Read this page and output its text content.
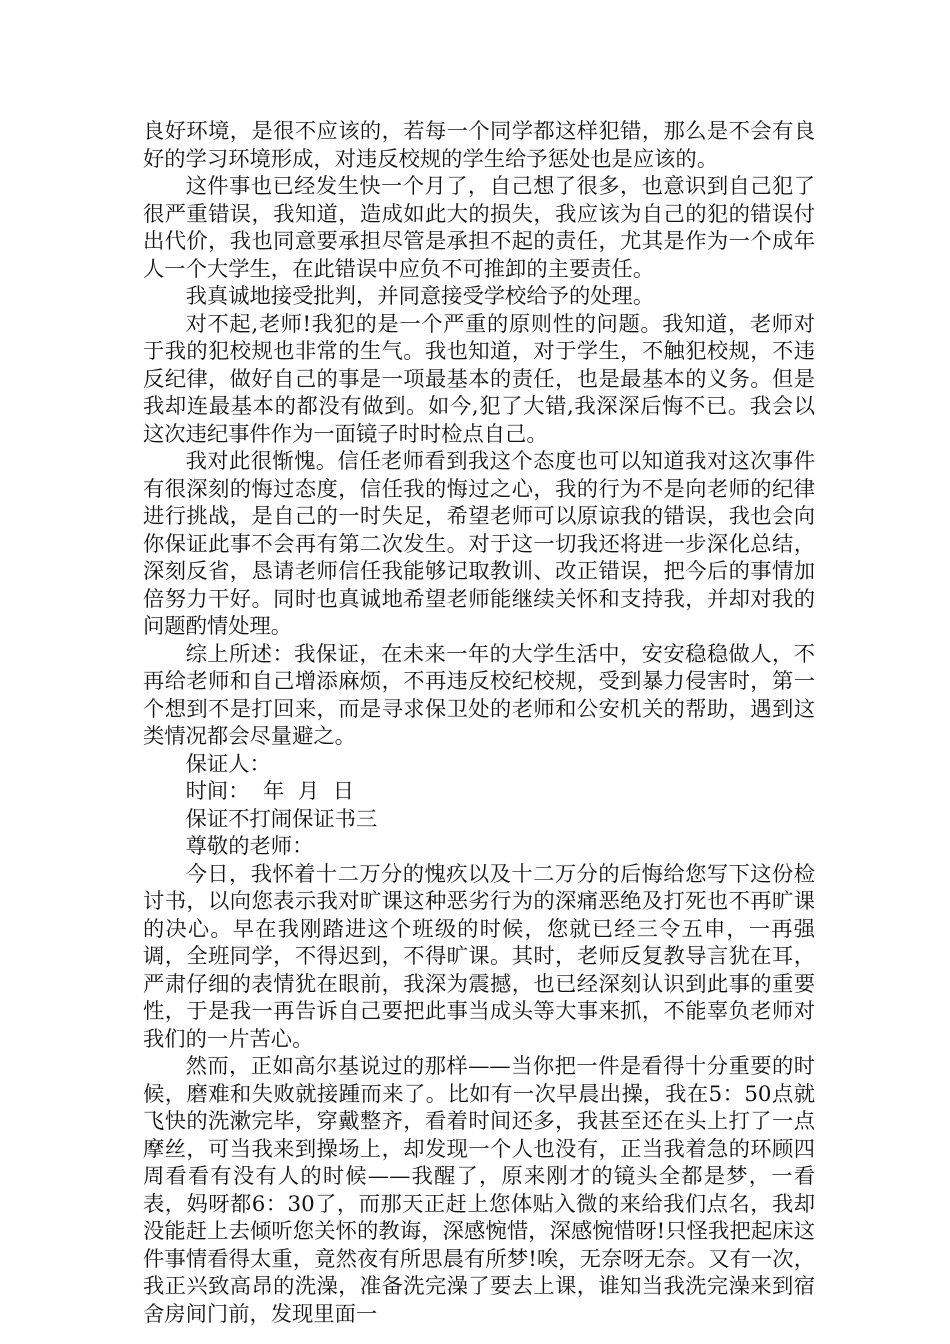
良好环境，是很不应该的，若每一个同学都这样犯错，那么是不会有良好的学习环境形成，对违反校规的学生给予惩处也是应该的。

这件事也已经发生快一个月了，自己想了很多，也意识到自己犯了很严重错误，我知道，造成如此大的损失，我应该为自己的犯的错误付出代价，我也同意要承担尽管是承担不起的责任，尤其是作为一个成年人一个大学生，在此错误中应负不可推卸的主要责任。

我真诚地接受批判，并同意接受学校给予的处理。

对不起,老师!我犯的是一个严重的原则性的问题。我知道，老师对于我的犯校规也非常的生气。我也知道，对于学生，不触犯校规，不违反纪律，做好自己的事是一项最基本的责任，也是最基本的义务。但是我却连最基本的都没有做到。如今,犯了大错,我深深后悔不已。我会以这次违纪事件作为一面镜子时时检点自己。

我对此很惭愧。信任老师看到我这个态度也可以知道我对这次事件有很深刻的悔过态度，信任我的悔过之心，我的行为不是向老师的纪律进行挑战，是自己的一时失足，希望老师可以原谅我的错误，我也会向你保证此事不会再有第二次发生。对于这一切我还将进一步深化总结，深刻反省，恳请老师信任我能够记取教训、改正错误，把今后的事情加倍努力干好。同时也真诚地希望老师能继续关怀和支持我，并却对我的问题酌情处理。

综上所述：我保证，在未来一年的大学生活中，安安稳稳做人，不再给老师和自己增添麻烦，不再违反校纪校规，受到暴力侵害时，第一个想到不是打回来，而是寻求保卫处的老师和公安机关的帮助，遇到这类情况都会尽量避之。

保证人：

时间：  年  月  日

保证不打闹保证书三

尊敬的老师：

今日，我怀着十二万分的愧疚以及十二万分的后悔给您写下这份检讨书，以向您表示我对旷课这种恶劣行为的深痛恶绝及打死也不再旷课的决心。早在我刚踏进这个班级的时候，您就已经三令五申，一再强调，全班同学，不得迟到，不得旷课。其时，老师反复教导言犹在耳，严肃仔细的表情犹在眼前，我深为震撼，也已经深刻认识到此事的重要性，于是我一再告诉自己要把此事当成头等大事来抓，不能辜负老师对我们的一片苦心。

然而，正如高尔基说过的那样——当你把一件是看得十分重要的时候，磨难和失败就接踵而来了。比如有一次早晨出操，我在5：50点就飞快的洗漱完毕，穿戴整齐，看着时间还多，我甚至还在头上打了一点摩丝，可当我来到操场上，却发现一个人也没有，正当我着急的环顾四周看看有没有人的时候——我醒了，原来刚才的镜头全都是梦，一看表，妈呀都6：30了，而那天正赶上您体贴入微的来给我们点名，我却没能赶上去倾听您关怀的教诲，深感惋惜，深感惋惜呀!只怪我把起床这件事情看得太重，竟然夜有所思晨有所梦!唉，无奈呀无奈。又有一次，我正兴致高昂的洗澡，准备洗完澡了要去上课，谁知当我洗完澡来到宿舍房间门前，发现里面一
